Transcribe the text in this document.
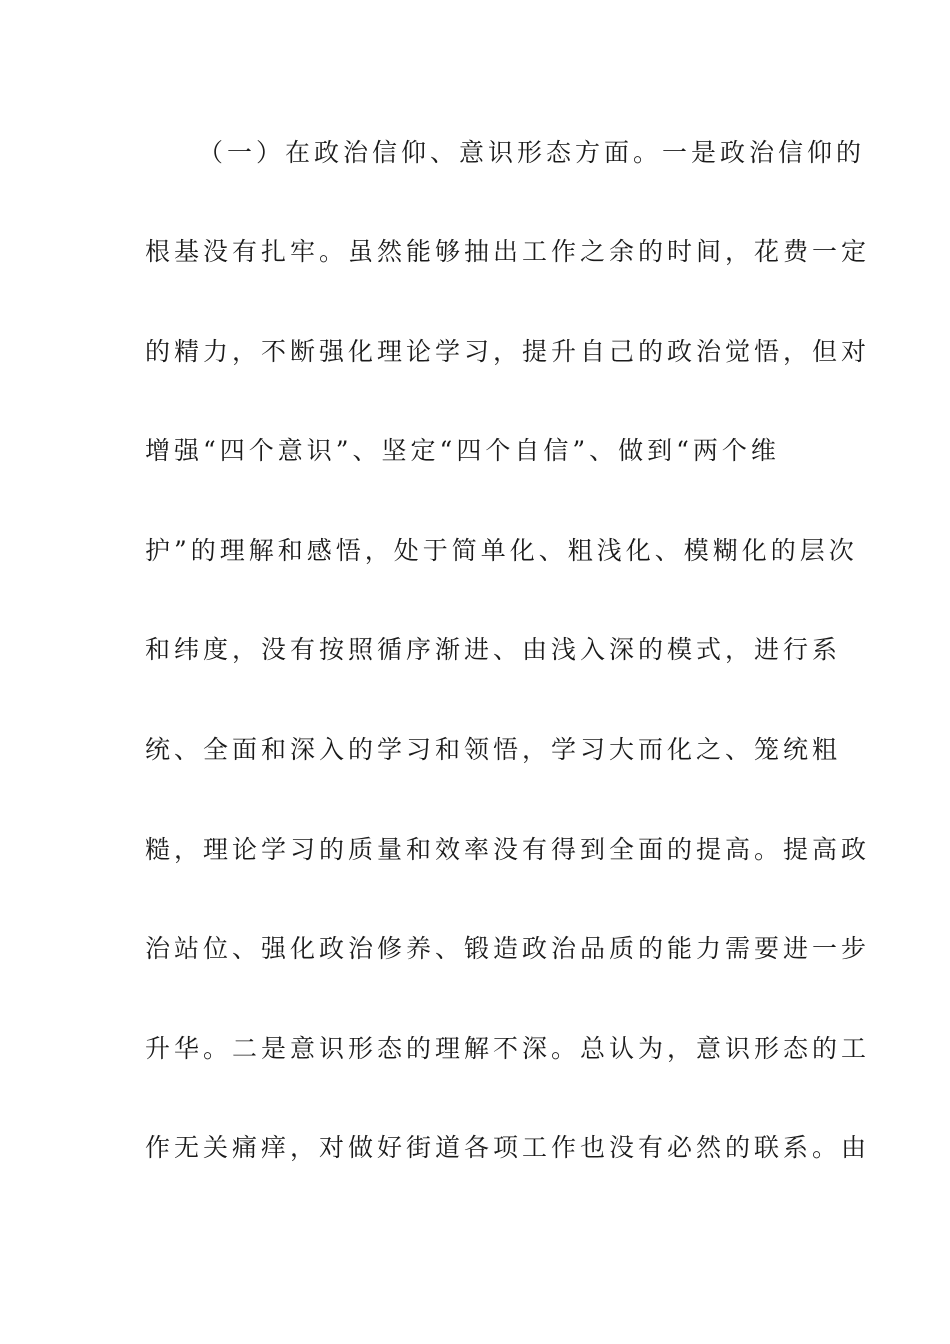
（一）在政治信仰、意识形态方面。一是政治信仰的
根基没有扎牢。虽然能够抽出工作之余的时间，花费一定
的精力，不断强化理论学习，提升自己的政治觉悟，但对
增强“四个意识”、坚定“四个自信”、做到“两个维
护”的理解和感悟，处于简单化、粗浅化、模糊化的层次
和纬度，没有按照循序渐进、由浅入深的模式，进行系
统、全面和深入的学习和领悟，学习大而化之、笼统粗
糙，理论学习的质量和效率没有得到全面的提高。提高政
治站位、强化政治修养、锻造政治品质的能力需要进一步
升华。二是意识形态的理解不深。总认为，意识形态的工
作无关痛痒，对做好街道各项工作也没有必然的联系。由
